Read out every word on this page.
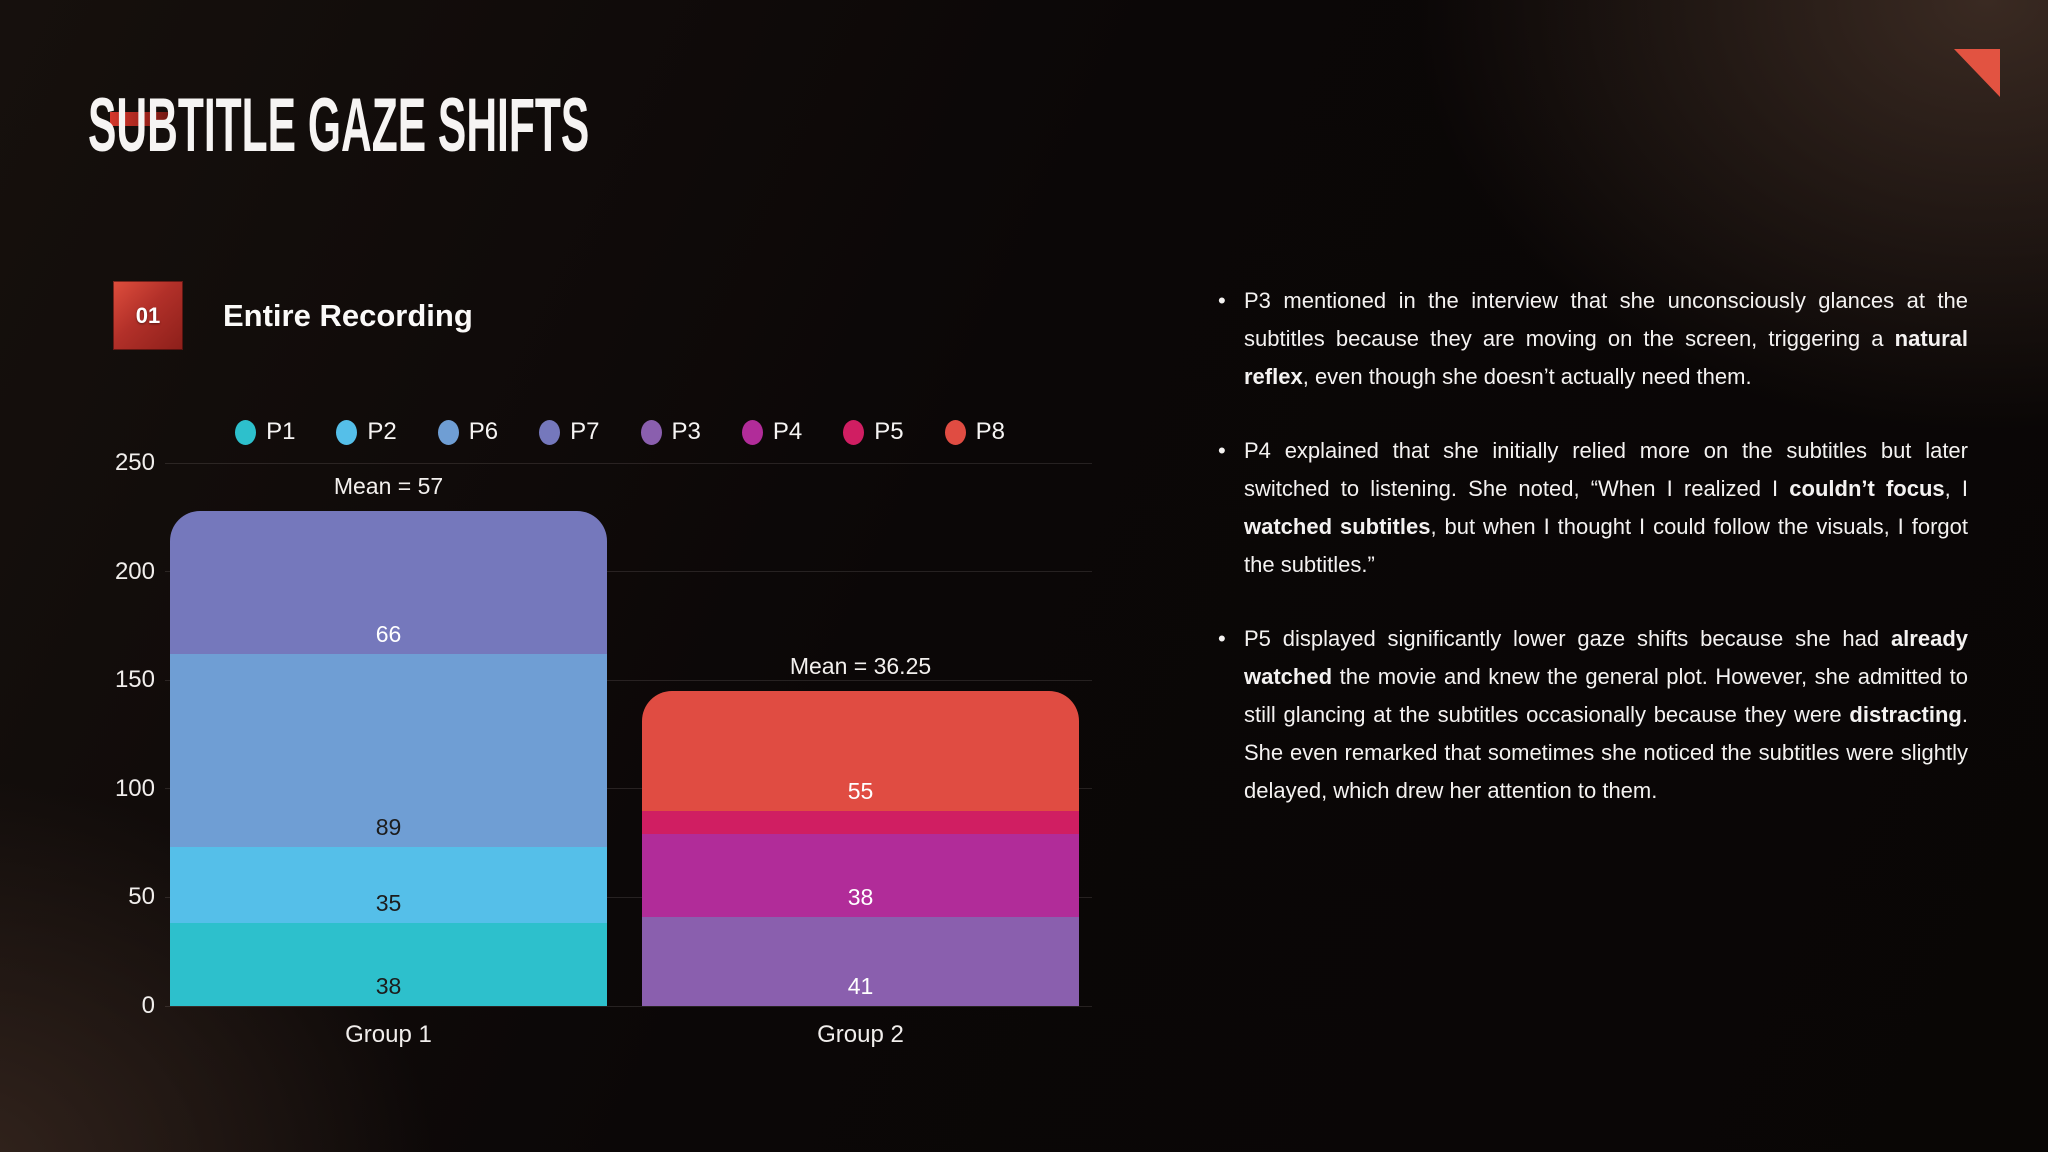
SUBTITLE GAZE SHIFTS
01 Entire Recording
P1	P2	P6	P7	P3	P4	P5	P8
0
50
100
150
200
250
38
35
89
66
Mean = 57
Group 1
41
38
55
Mean = 36.25
Group 2
• P3 mentioned in the interview that she unconsciously glances at the subtitles because they are moving on the screen, triggering a natural reflex, even though she doesn’t actually need them.
• P4 explained that she initially relied more on the subtitles but later switched to listening. She noted, “When I realized I couldn’t focus, I watched subtitles, but when I thought I could follow the visuals, I forgot the subtitles.”
• P5 displayed significantly lower gaze shifts because she had already watched the movie and knew the general plot. However, she admitted to still glancing at the subtitles occasionally because they were distracting. She even remarked that sometimes she noticed the subtitles were slightly delayed, which drew her attention to them.
